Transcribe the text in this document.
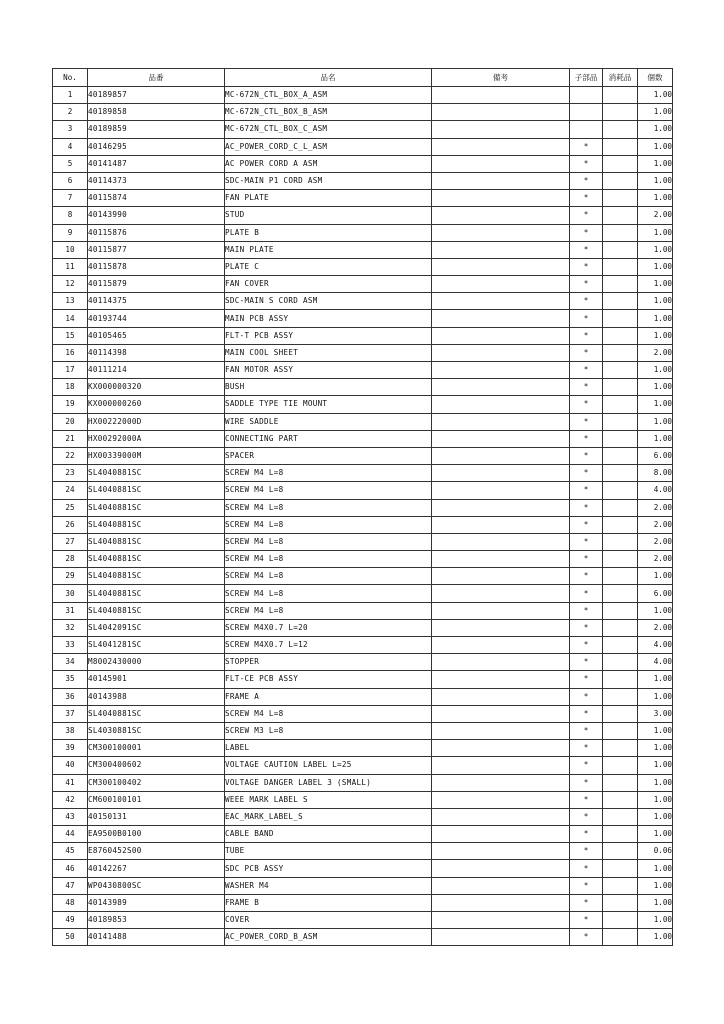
No.	品番	品名	備考	子部品	消耗品	個数
1	40189857	MC-672N_CTL_BOX_A_ASM				1.00
2	40189858	MC-672N_CTL_BOX_B_ASM				1.00
3	40189859	MC-672N_CTL_BOX_C_ASM				1.00
4	40146295	AC_POWER_CORD_C_L_ASM		*		1.00
5	40141487	AC POWER CORD A ASM		*		1.00
6	40114373	SDC-MAIN P1 CORD ASM		*		1.00
7	40115874	FAN PLATE		*		1.00
8	40143990	STUD		*		2.00
9	40115876	PLATE B		*		1.00
10	40115877	MAIN PLATE		*		1.00
11	40115878	PLATE C		*		1.00
12	40115879	FAN COVER		*		1.00
13	40114375	SDC-MAIN S CORD ASM		*		1.00
14	40193744	MAIN PCB ASSY		*		1.00
15	40105465	FLT-T PCB ASSY		*		1.00
16	40114398	MAIN COOL SHEET		*		2.00
17	40111214	FAN MOTOR ASSY		*		1.00
18	KX000000320	BUSH		*		1.00
19	KX000000260	SADDLE TYPE TIE MOUNT		*		1.00
20	HX00222000D	WIRE SADDLE		*		1.00
21	HX00292000A	CONNECTING PART		*		1.00
22	HX00339000M	SPACER		*		6.00
23	SL4040881SC	SCREW M4 L=8		*		8.00
24	SL4040881SC	SCREW M4 L=8		*		4.00
25	SL4040881SC	SCREW M4 L=8		*		2.00
26	SL4040881SC	SCREW M4 L=8		*		2.00
27	SL4040881SC	SCREW M4 L=8		*		2.00
28	SL4040881SC	SCREW M4 L=8		*		2.00
29	SL4040881SC	SCREW M4 L=8		*		1.00
30	SL4040881SC	SCREW M4 L=8		*		6.00
31	SL4040881SC	SCREW M4 L=8		*		1.00
32	SL4042091SC	SCREW M4X0.7 L=20		*		2.00
33	SL4041281SC	SCREW M4X0.7 L=12		*		4.00
34	M8002430000	STOPPER		*		4.00
35	40145901	FLT-CE PCB ASSY		*		1.00
36	40143988	FRAME A		*		1.00
37	SL4040881SC	SCREW M4 L=8		*		3.00
38	SL4030881SC	SCREW M3 L=8		*		1.00
39	CM300100001	LABEL		*		1.00
40	CM300400602	VOLTAGE CAUTION LABEL L=25		*		1.00
41	CM300100402	VOLTAGE DANGER LABEL 3 (SMALL)		*		1.00
42	CM600100101	WEEE MARK LABEL S		*		1.00
43	40150131	EAC_MARK_LABEL_S		*		1.00
44	EA9500B0100	CABLE BAND		*		1.00
45	E8760452S00	TUBE		*		0.06
46	40142267	SDC PCB ASSY		*		1.00
47	WP0430800SC	WASHER M4		*		1.00
48	40143989	FRAME B		*		1.00
49	40189853	COVER		*		1.00
50	40141488	AC_POWER_CORD_B_ASM		*		1.00
